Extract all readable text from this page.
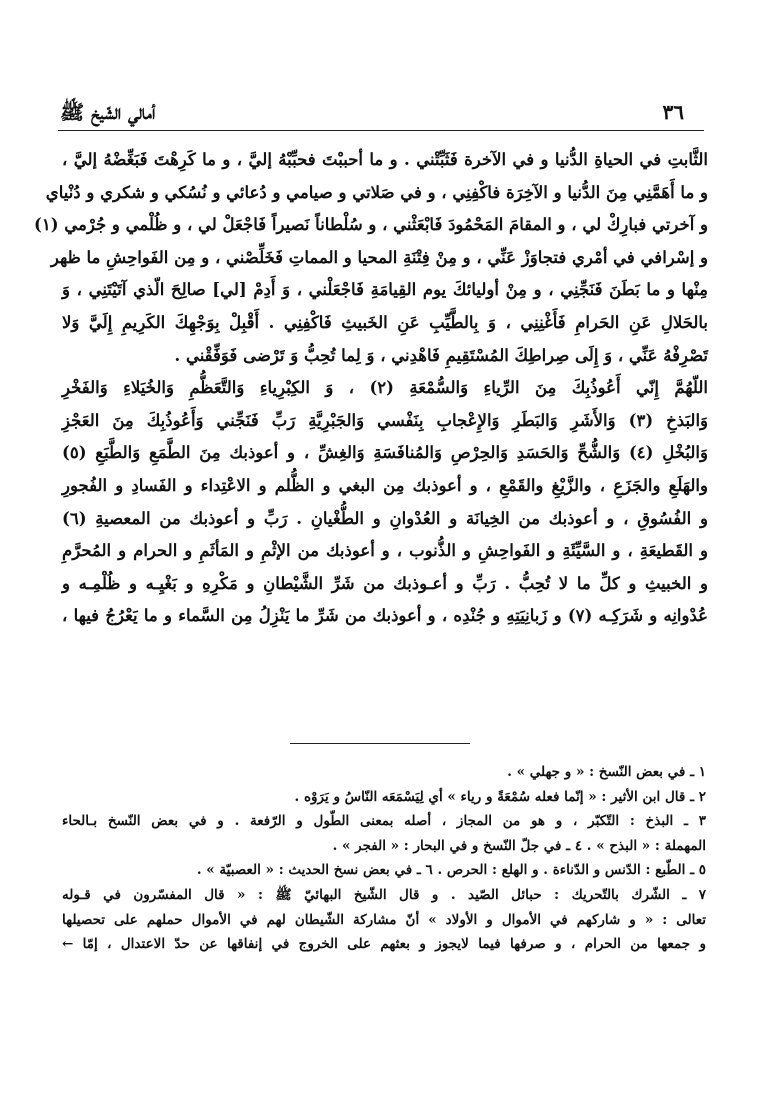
٣٦
أمالي الشّيخ ﷺ
الثَّابتِ في الحياةِ الدُّنيا و في الآخرة فَثَبِّتْني . و ما أحببْتَ فحبِّبْهُ إليَّ ، و ما كَرِهْتَ فَبَغِّضْهُ إليَّ ،
و ما أَهَمَّنِي مِنَ الدُّنيا و الآخِرَة فاكْفِنِي ، و في صَلاتي و صيامي و دُعائي و نُسُكي و شكري و دُنْياي
و آخرتي فبارِكْ لي ، و المقامَ المَحْمُودَ فَابْعَثْني ، و سُلْطاناً نَصيراً فَاجْعَلْ لي ، و ظُلْمي و جُرْمي (١)
و إسْرافي في أمْري فتجاوَزْ عَنِّي ، و مِنْ فِتْنَةِ المحيا و المماتِ فَخَلِّصْني ، و مِن الفَواحِشِ ما ظهر
مِنْها و ما بَطَنَ فَنَجِّنِي ، و مِنْ أوليائكَ يوم القِيامَةِ فَاجْعَلْني ، وَ أَدِمْ [لي] صالِحَ الّذي آتَيْتَنِي ، وَ
بالحَلالِ عَنِ الحَرامِ فَأَغْنِنِي ، وَ بِالطَّيِّبِ عَنِ الخَبيثِ فَاكْفِنِي . أَقْبِلْ بِوَجْهِكَ الكَرِيمِ إِلَيَّ وَلا
تَصْرِفْهُ عَنِّي ، وَ إِلَى صِراطِكَ المُسْتَقِيمِ فَاهْدِني ، وَ لِما تُحِبُّ وَ تَرْضى فَوَفِّقْني .
اللّهُمَّ إِنّي أَعُوذُبِكَ مِنَ الرِّياءِ وَالسُّمْعَةِ (٢) ، وَ الكِبْرِياءِ وَالتَّعَظُّمِ وَالخُيَلاءِ وَالفَخْرِ
وَالبَذخِ (٣) وَالأَشَرِ وَالبَطَرِ وَالإِعْجابِ بِنَفْسي وَالجَبْرِيَّةِ رَبِّ فَنَجِّني وَأَعُوذُبِكَ مِنَ العَجْزِ
وَالبُخْلِ (٤) وَالشُّحِّ وَالحَسَدِ وَالحِرْصِ وَالمُنافَسَةِ وَالغِشِّ ، و أعوذبك مِنَ الطَّمَعِ وَالطَّبَعِ (٥)
والهَلَعِ والجَزَعِ ، والزَّيْغِ والقَمْعِ ، و أعوذبك مِن البغي و الظُّلم و الاعْتِداء و الفَسادِ و الفُجورِ
و الفُسُوقِ ، و أعوذبك من الخِيانَة و العُدْوانِ و الطُّغْيانِ . رَبِّ و أعوذبك من المعصيةِ (٦)
و القَطيعَةِ ، و السَّيِّئَةِ و الفَواحِشِ و الذُّنوب ، و أعوذبك من الإثْمِ و المَأثَمِ و الحرام و المُحرَّمِ
و الخبيثِ و كلِّ ما لا تُحِبُّ . رَبِّ و أعـوذبك من شَرِّ الشَّيْطانِ و مَكْرِهِ و بَغْيِـه و ظُلْمِـه و
عُدْوانِه و شَرَكِـه (٧) و زَبانِيَتِهِ و جُنْدِه ، و أعوذبك من شَرِّ ما يَنْزِلُ مِن السَّماء و ما يَعْرُجُ فيها ،
١ ـ في بعض النّسخ : « و جهلي » .
٢ ـ قال ابن الأثير : « إنّما فعله سُمْعَةً و رياء » أي لِيَسْمَعَه النّاسُ و يَرَوْه .
٣ ـ البذخ : التّكبّر ، و هو من المجاز ، أصله بمعنى الطّول و الرّفعة . و في بعض النّسخ بـالحاء
المهملة : « البذح » . ٤ ـ في جلّ النّسخ و في البحار : « الفجر » .
٥ ـ الطّبع : الدّنس و الدّناءة . و الهلع : الحرص . ٦ ـ في بعض نسخ الحديث : « العصبيّة » .
٧ ـ الشّرك بالتّحريك : حبائل الصّيد . و قال الشّيخ البهائيّ ﷺ : « قال المفسّرون في قـوله
تعالى : « و شاركهم في الأموال و الأولاد » أنّ مشاركة الشّيطان لهم في الأموال حملهم على تحصيلها
و جمعها من الحرام ، و صرفها فيما لايجوز و بعثهم على الخروج في إنفاقها عن حدّ الاعتدال ، إمّا ←
